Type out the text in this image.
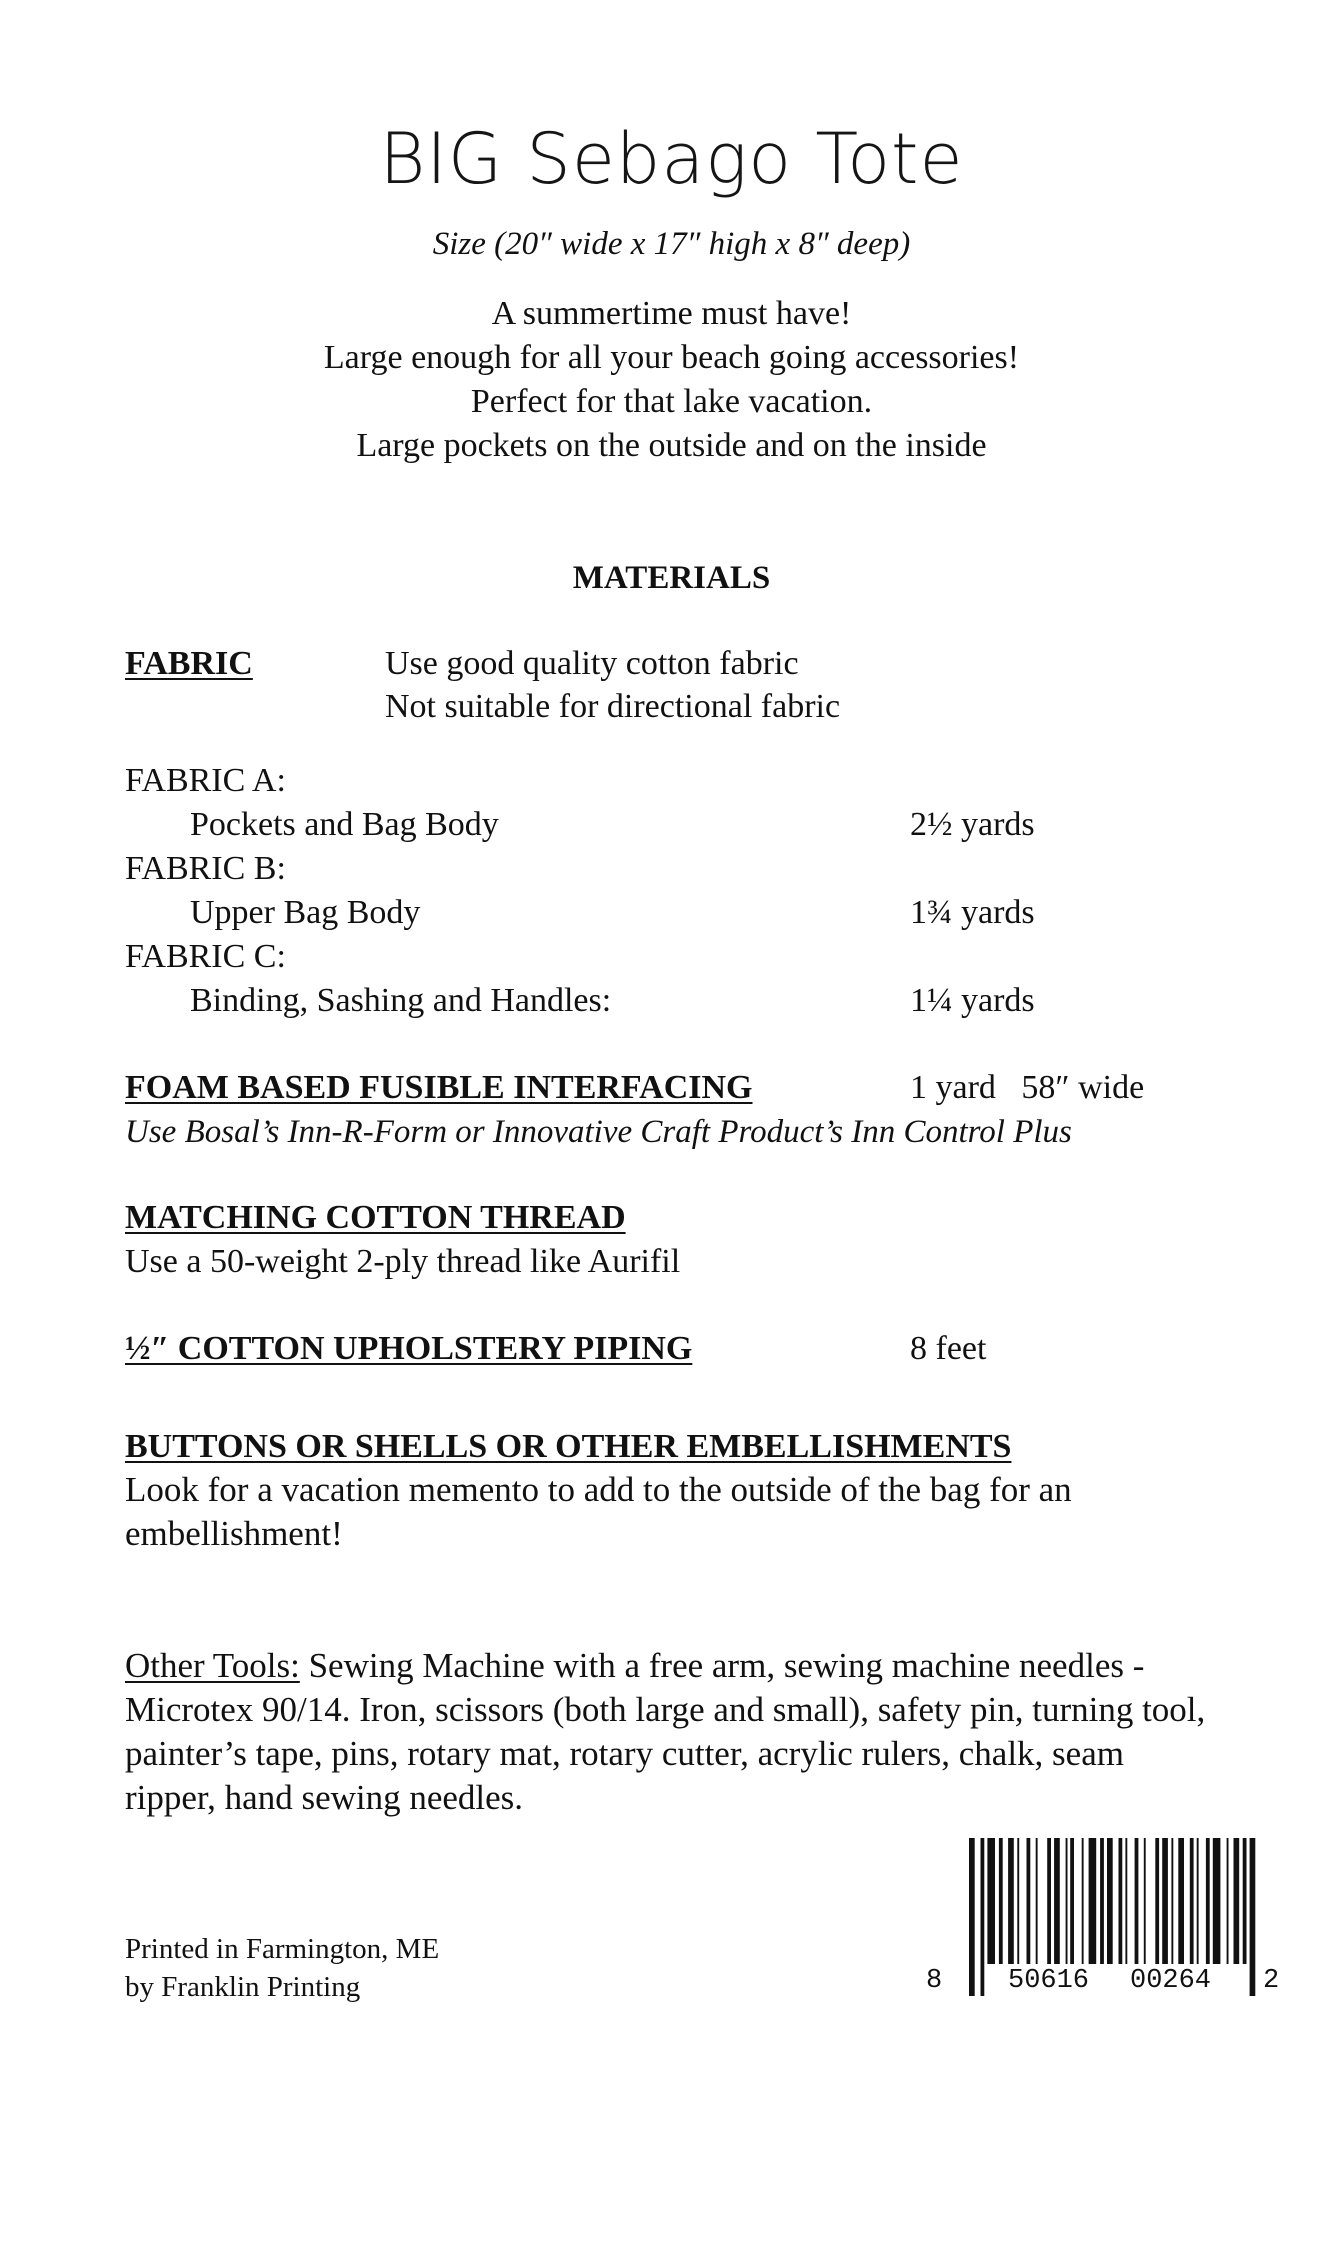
BIG Sebago Tote
Size (20″ wide x 17″ high x 8″ deep)
A summertime must have!
Large enough for all your beach going accessories!
Perfect for that lake vacation.
Large pockets on the outside and on the inside
MATERIALS
FABRIC	Use good quality cotton fabric
Not suitable for directional fabric
FABRIC A:
Pockets and Bag Body	2½ yards
FABRIC B:
Upper Bag Body	1¾ yards
FABRIC C:
Binding, Sashing and Handles:	1¼ yards
FOAM BASED FUSIBLE INTERFACING	1 yard   58″ wide
Use Bosal’s Inn-R-Form or Innovative Craft Product’s Inn Control Plus
MATCHING COTTON THREAD
Use a 50-weight 2-ply thread like Aurifil
½″ COTTON UPHOLSTERY PIPING	8 feet
BUTTONS OR SHELLS OR OTHER EMBELLISHMENTS
Look for a vacation memento to add to the outside of the bag for an embellishment!
Other Tools: Sewing Machine with a free arm, sewing machine needles - Microtex 90/14. Iron, scissors (both large and small), safety pin, turning tool, painter’s tape, pins, rotary mat, rotary cutter, acrylic rulers, chalk, seam ripper, hand sewing needles.
Printed in Farmington, ME
by Franklin Printing	8 50616 00264 2
